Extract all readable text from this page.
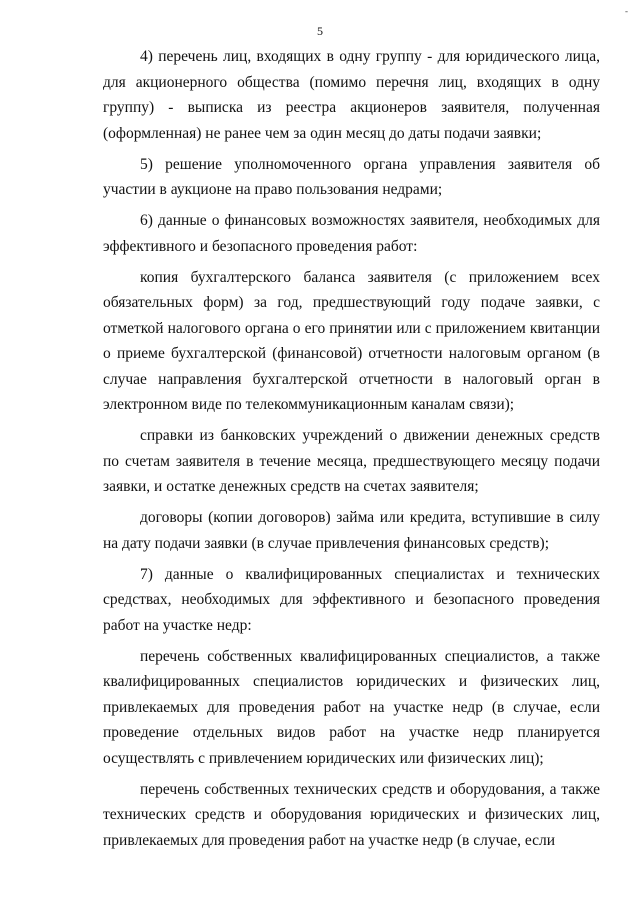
-
5

4) перечень лиц, входящих в одну группу - для юридического лица, для акционерного общества (помимо перечня лиц, входящих в одну группу) - выписка из реестра акционеров заявителя, полученная (оформленная) не ранее чем за один месяц до даты подачи заявки;

5) решение уполномоченного органа управления заявителя об участии в аукционе на право пользования недрами;

6) данные о финансовых возможностях заявителя, необходимых для эффективного и безопасного проведения работ:

копия бухгалтерского баланса заявителя (с приложением всех обязательных форм) за год, предшествующий году подаче заявки, с отметкой налогового органа о его принятии или с приложением квитанции о приеме бухгалтерской (финансовой) отчетности налоговым органом (в случае направления бухгалтерской отчетности в налоговый орган в электронном виде по телекоммуникационным каналам связи);

справки из банковских учреждений о движении денежных средств по счетам заявителя в течение месяца, предшествующего месяцу подачи заявки, и остатке денежных средств на счетах заявителя;

договоры (копии договоров) займа или кредита, вступившие в силу на дату подачи заявки (в случае привлечения финансовых средств);

7) данные о квалифицированных специалистах и технических средствах, необходимых для эффективного и безопасного проведения работ на участке недр:

перечень собственных квалифицированных специалистов, а также квалифицированных специалистов юридических и физических лиц, привлекаемых для проведения работ на участке недр (в случае, если проведение отдельных видов работ на участке недр планируется осуществлять с привлечением юридических или физических лиц);

перечень собственных технических средств и оборудования, а также технических средств и оборудования юридических и физических лиц, привлекаемых для проведения работ на участке недр (в случае, если
